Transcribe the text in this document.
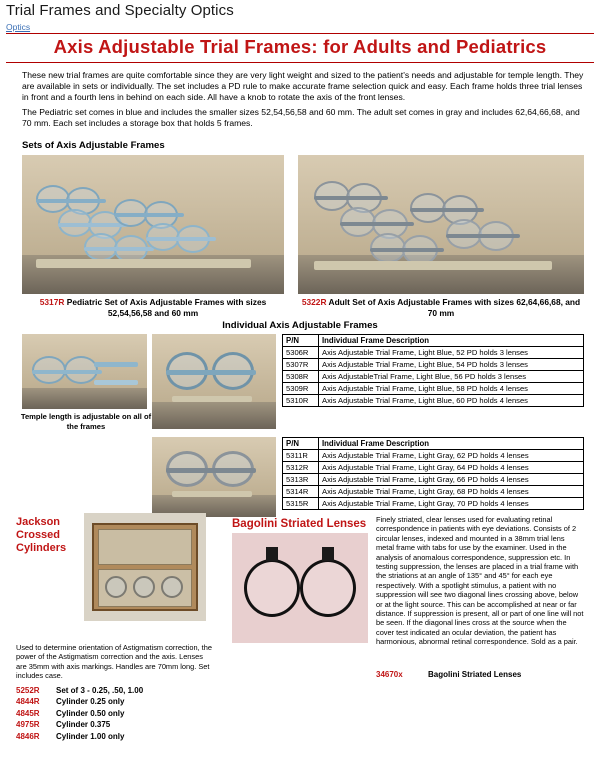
Trial Frames and Specialty Optics
Optics
Axis Adjustable Trial Frames: for Adults and Pediatrics
These new trial frames are quite comfortable since they are very light weight and sized to the patient's needs and adjustable for temple length. They are available in sets or individually. The set includes a PD rule to make accurate frame selection quick and easy. Each frame holds three trial lenses in front and a fourth lens in behind on each side. All have a knob to rotate the axis of the front lenses.
The Pediatric set comes in blue and includes the smaller sizes 52,54,56,58 and 60 mm. The adult set comes in gray and includes 62,64,66,68, and 70 mm. Each set includes a storage box that holds 5 frames.
Sets of Axis Adjustable Frames
5317R Pediatric Set of Axis Adjustable Frames with sizes 52,54,56,58 and 60 mm
5322R Adult Set of Axis Adjustable Frames with sizes 62,64,66,68, and 70 mm
Individual Axis Adjustable Frames
Temple length is adjustable on all of the frames
P/N	Individual Frame Description
5306R	Axis Adjustable Trial Frame, Light Blue, 52 PD holds 3 lenses
5307R	Axis Adjustable Trial Frame, Light Blue, 54 PD holds 3 lenses
5308R	Axis AdjustableTrial Frame, Light Blue, 56 PD holds 3 lenses
5309R	Axis Adjustable Trial Frame, Light Blue, 58 PD holds 4 lenses
5310R	Axis Adjustable Trial Frame, Light Blue, 60 PD holds 4 lenses
P/N	Individual Frame Description
5311R	Axis Adjustable Trial Frame, Light Gray, 62 PD holds 4 lenses
5312R	Axis Adjustable Trial Frame, Light Gray, 64 PD holds 4 lenses
5313R	Axis Adjustable Trial Frame, Light Gray, 66 PD holds 4 lenses
5314R	Axis Adjustable Trial Frame, Light Gray, 68 PD holds 4 lenses
5315R	Axis Adjustable Trial Frame, Light Gray, 70 PD holds 4 lenses
Jackson Crossed Cylinders
Used to determine orientation of Astigmatism correction, the power of the Astigmatism correction and the axis. Lenses are 35mm with axis markings. Handles are 70mm long. Set includes case.
5252R Set of 3 - 0.25, .50, 1.00
4844R Cylinder 0.25 only
4845R Cylinder 0.50 only
4975R Cylinder 0.375
4846R Cylinder 1.00 only
Bagolini Striated Lenses Finely striated, clear lenses used for evaluating retinal correspondence in patients with eye deviations. Consists of 2 circular lenses, indexed and mounted in a 38mm trial lens metal frame with tabs for use by the examiner. Used in the analysis of anomalous correspondence, suppression etc. In testing suppression, the lenses are placed in a trial frame with the striations at an angle of 135° and 45° for each eye respectively. With a spotlight stimulus, a patient with no suppression will see two diagonal lines crossing above, below or at the light source. This can be accomplished at near or far distance. If suppression is present, all or part of one line will not be seen. If the diagonal lines cross at the source when the cover test indicated an ocular deviation, the patient has harmonious, abnormal retinal correspondence. Sold as a pair.
34670x	Bagolini Striated Lenses
